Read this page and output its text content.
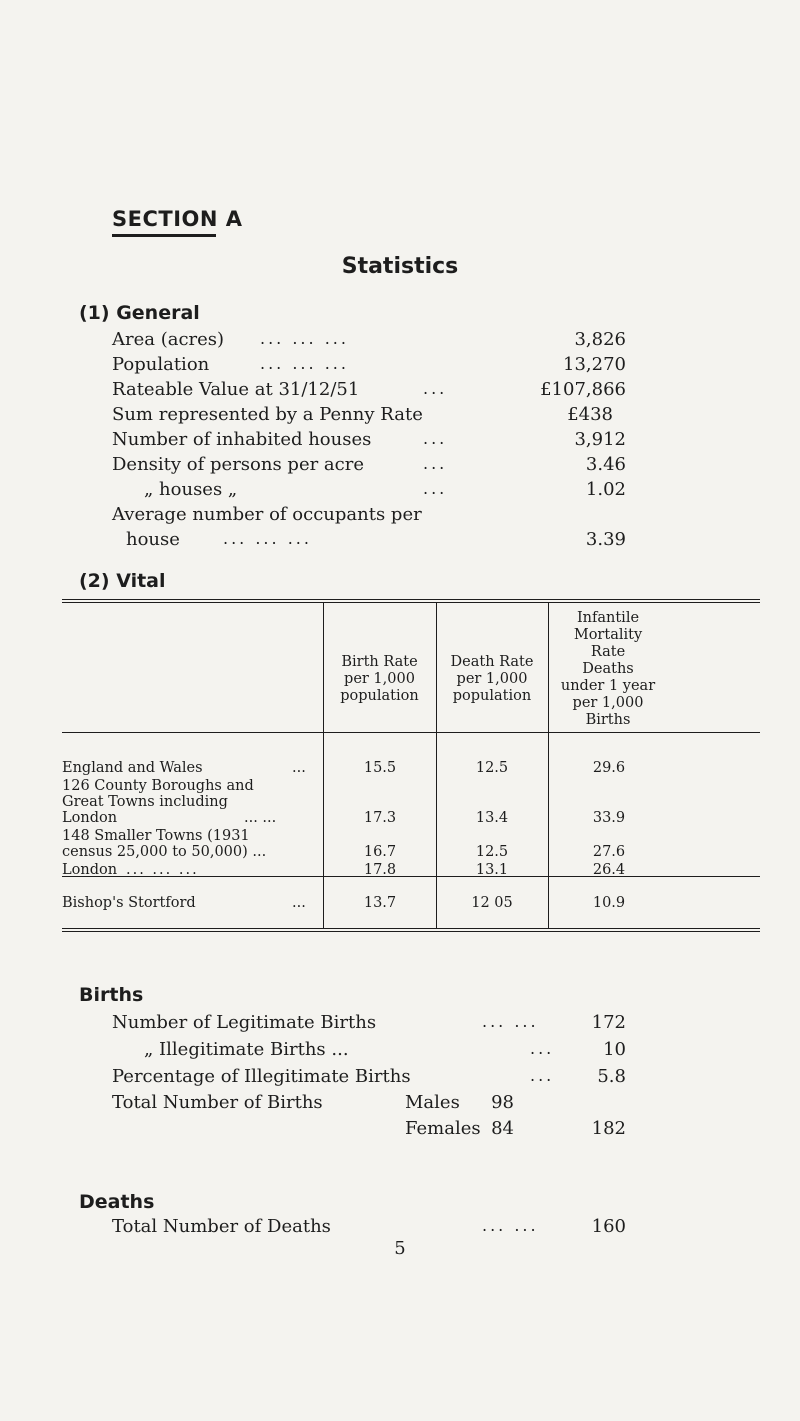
SECTION A
Statistics
(1) General
Area (acres) ... ... ...	3,826
Population	... ... ...	13,270
Rateable Value at 31/12/51	...	£107,866
Sum represented by a Penny Rate	£438
Number of inhabited houses	...	3,912
Density of persons per acre	...	3.46
„ houses „	...	1.02
Average number of occupants per
house	... ... ...	3.39
(2) Vital
Birth Rate
per 1,000
population
Death Rate
per 1,000
population
Infantile
Mortality
Rate
Deaths
under 1 year
per 1,000
Births
England and Wales	...	15.5	12.5	29.6
126 County Boroughs and
Great Towns including
London	... ...	17.3	13.4	33.9
148 Smaller Towns (1931
census 25,000 to 50,000) ...	16.7	12.5	27.6
London ... ... ...	17.8	13.1	26.4
Bishop's Stortford	...	13.7	12 05	10.9
Births
Number of Legitimate Births	... ...	172
„ Illegitimate Births ...	...	10
Percentage of Illegitimate Births	... 5.8
Total Number of Births	Males 98
Females 84	182
Deaths
Total Number of Deaths	... ...	160
5
